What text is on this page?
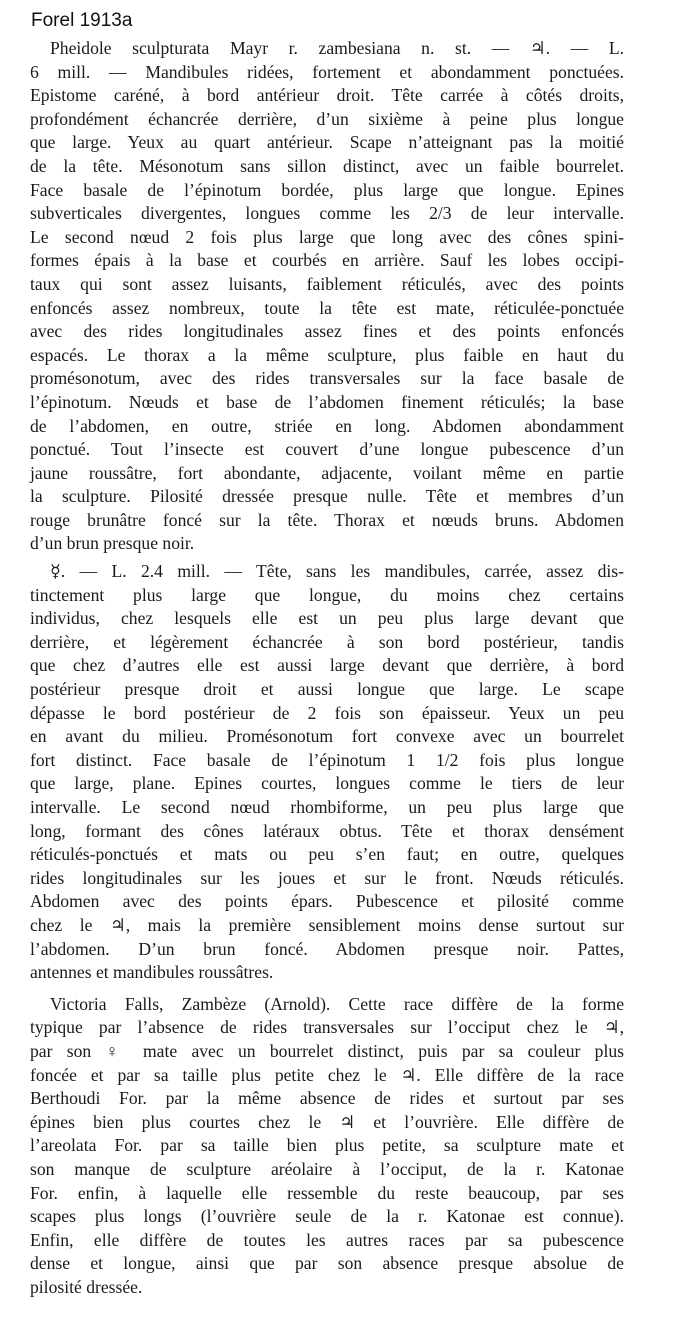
Forel 1913a
Pheidole sculpturata Mayr r. zambesiana n. st. — ♃. — L.
6 mill. — Mandibules ridées, fortement et abondamment ponctuées.
Epistome caréné, à bord antérieur droit. Tête carrée à côtés droits,
profondément échancrée derrière, d’un sixième à peine plus longue
que large. Yeux au quart antérieur. Scape n’atteignant pas la moitié
de la tête. Mésonotum sans sillon distinct, avec un faible bourrelet.
Face basale de l’épinotum bordée, plus large que longue. Epines
subverticales divergentes, longues comme les 2/3 de leur intervalle.
Le second nœud 2 fois plus large que long avec des cônes spini-
formes épais à la base et courbés en arrière. Sauf les lobes occipi-
taux qui sont assez luisants, faiblement réticulés, avec des points
enfoncés assez nombreux, toute la tête est mate, réticulée-ponctuée
avec des rides longitudinales assez fines et des points enfoncés
espacés. Le thorax a la même sculpture, plus faible en haut du
promésonotum, avec des rides transversales sur la face basale de
l’épinotum. Nœuds et base de l’abdomen finement réticulés; la base
de l’abdomen, en outre, striée en long. Abdomen abondamment
ponctué. Tout l’insecte est couvert d’une longue pubescence d’un
jaune roussâtre, fort abondante, adjacente, voilant même en partie
la sculpture. Pilosité dressée presque nulle. Tête et membres d’un
rouge brunâtre foncé sur la tête. Thorax et nœuds bruns. Abdomen
d’un brun presque noir.
☿. — L. 2.4 mill. — Tête, sans les mandibules, carrée, assez dis-
tinctement plus large que longue, du moins chez certains
individus, chez lesquels elle est un peu plus large devant que
derrière, et légèrement échancrée à son bord postérieur, tandis
que chez d’autres elle est aussi large devant que derrière, à bord
postérieur presque droit et aussi longue que large. Le scape
dépasse le bord postérieur de 2 fois son épaisseur. Yeux un peu
en avant du milieu. Promésonotum fort convexe avec un bourrelet
fort distinct. Face basale de l’épinotum 1 1/2 fois plus longue
que large, plane. Epines courtes, longues comme le tiers de leur
intervalle. Le second nœud rhombiforme, un peu plus large que
long, formant des cônes latéraux obtus. Tête et thorax densément
réticulés-ponctués et mats ou peu s’en faut; en outre, quelques
rides longitudinales sur les joues et sur le front. Nœuds réticulés.
Abdomen avec des points épars. Pubescence et pilosité comme
chez le ♃, mais la première sensiblement moins dense surtout sur
l’abdomen. D’un brun foncé. Abdomen presque noir. Pattes,
antennes et mandibules roussâtres.
Victoria Falls, Zambèze (Arnold). Cette race diffère de la forme
typique par l’absence de rides transversales sur l’occiput chez le ♃,
par son ♀ mate avec un bourrelet distinct, puis par sa couleur plus
foncée et par sa taille plus petite chez le ♃. Elle diffère de la race
Berthoudi For. par la même absence de rides et surtout par ses
épines bien plus courtes chez le ♃ et l’ouvrière. Elle diffère de
l’areolata For. par sa taille bien plus petite, sa sculpture mate et
son manque de sculpture aréolaire à l’occiput, de la r. Katonae
For. enfin, à laquelle elle ressemble du reste beaucoup, par ses
scapes plus longs (l’ouvrière seule de la r. Katonae est connue).
Enfin, elle diffère de toutes les autres races par sa pubescence
dense et longue, ainsi que par son absence presque absolue de
pilosité dressée.
